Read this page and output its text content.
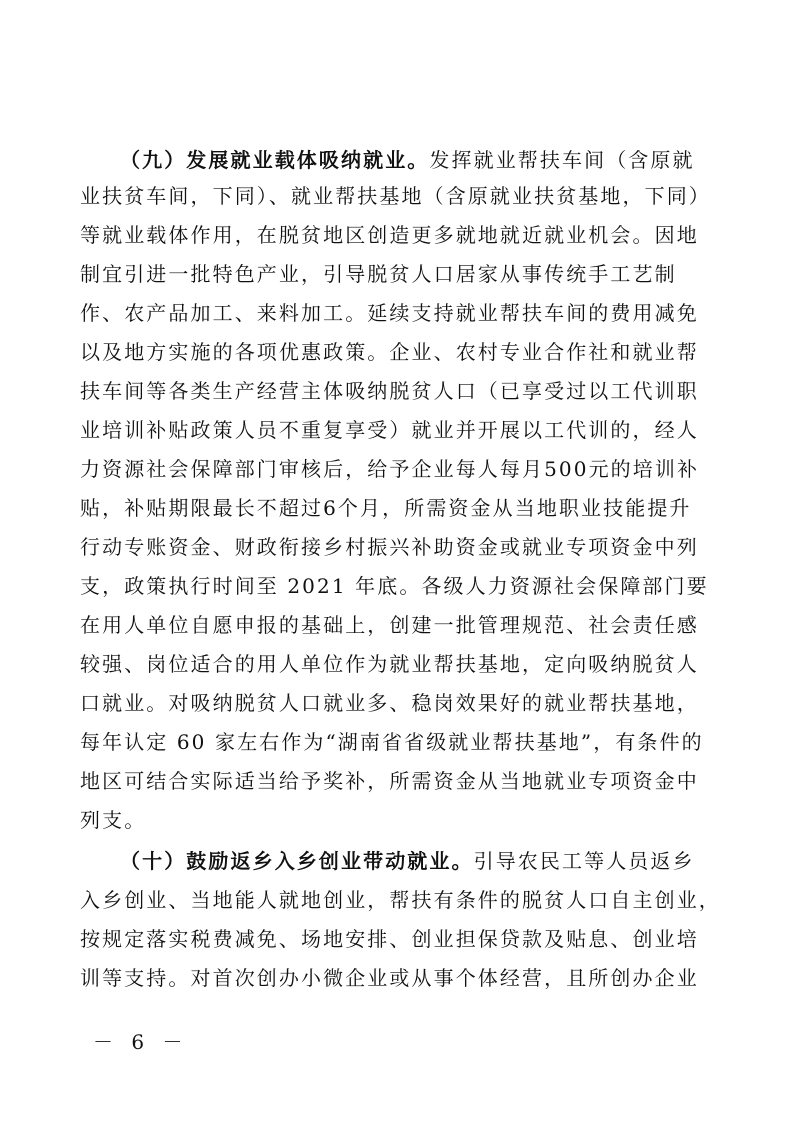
（九）发展就业载体吸纳就业。发挥就业帮扶车间（含原就
业扶贫车间，下同）、就业帮扶基地（含原就业扶贫基地，下同）
等就业载体作用，在脱贫地区创造更多就地就近就业机会。因地
制宜引进一批特色产业，引导脱贫人口居家从事传统手工艺制
作、农产品加工、来料加工。延续支持就业帮扶车间的费用减免
以及地方实施的各项优惠政策。企业、农村专业合作社和就业帮
扶车间等各类生产经营主体吸纳脱贫人口（已享受过以工代训职
业培训补贴政策人员不重复享受）就业并开展以工代训的，经人
力资源社会保障部门审核后，给予企业每人每月500元的培训补
贴，补贴期限最长不超过6个月，所需资金从当地职业技能提升
行动专账资金、财政衔接乡村振兴补助资金或就业专项资金中列
支，政策执行时间至 2021 年底。各级人力资源社会保障部门要
在用人单位自愿申报的基础上，创建一批管理规范、社会责任感
较强、岗位适合的用人单位作为就业帮扶基地，定向吸纳脱贫人
口就业。对吸纳脱贫人口就业多、稳岗效果好的就业帮扶基地，
每年认定 60 家左右作为“湖南省省级就业帮扶基地”，有条件的
地区可结合实际适当给予奖补，所需资金从当地就业专项资金中
列支。
（十）鼓励返乡入乡创业带动就业。引导农民工等人员返乡
入乡创业、当地能人就地创业，帮扶有条件的脱贫人口自主创业，
按规定落实税费减免、场地安排、创业担保贷款及贴息、创业培
训等支持。对首次创办小微企业或从事个体经营，且所创办企业
－ 6 －
